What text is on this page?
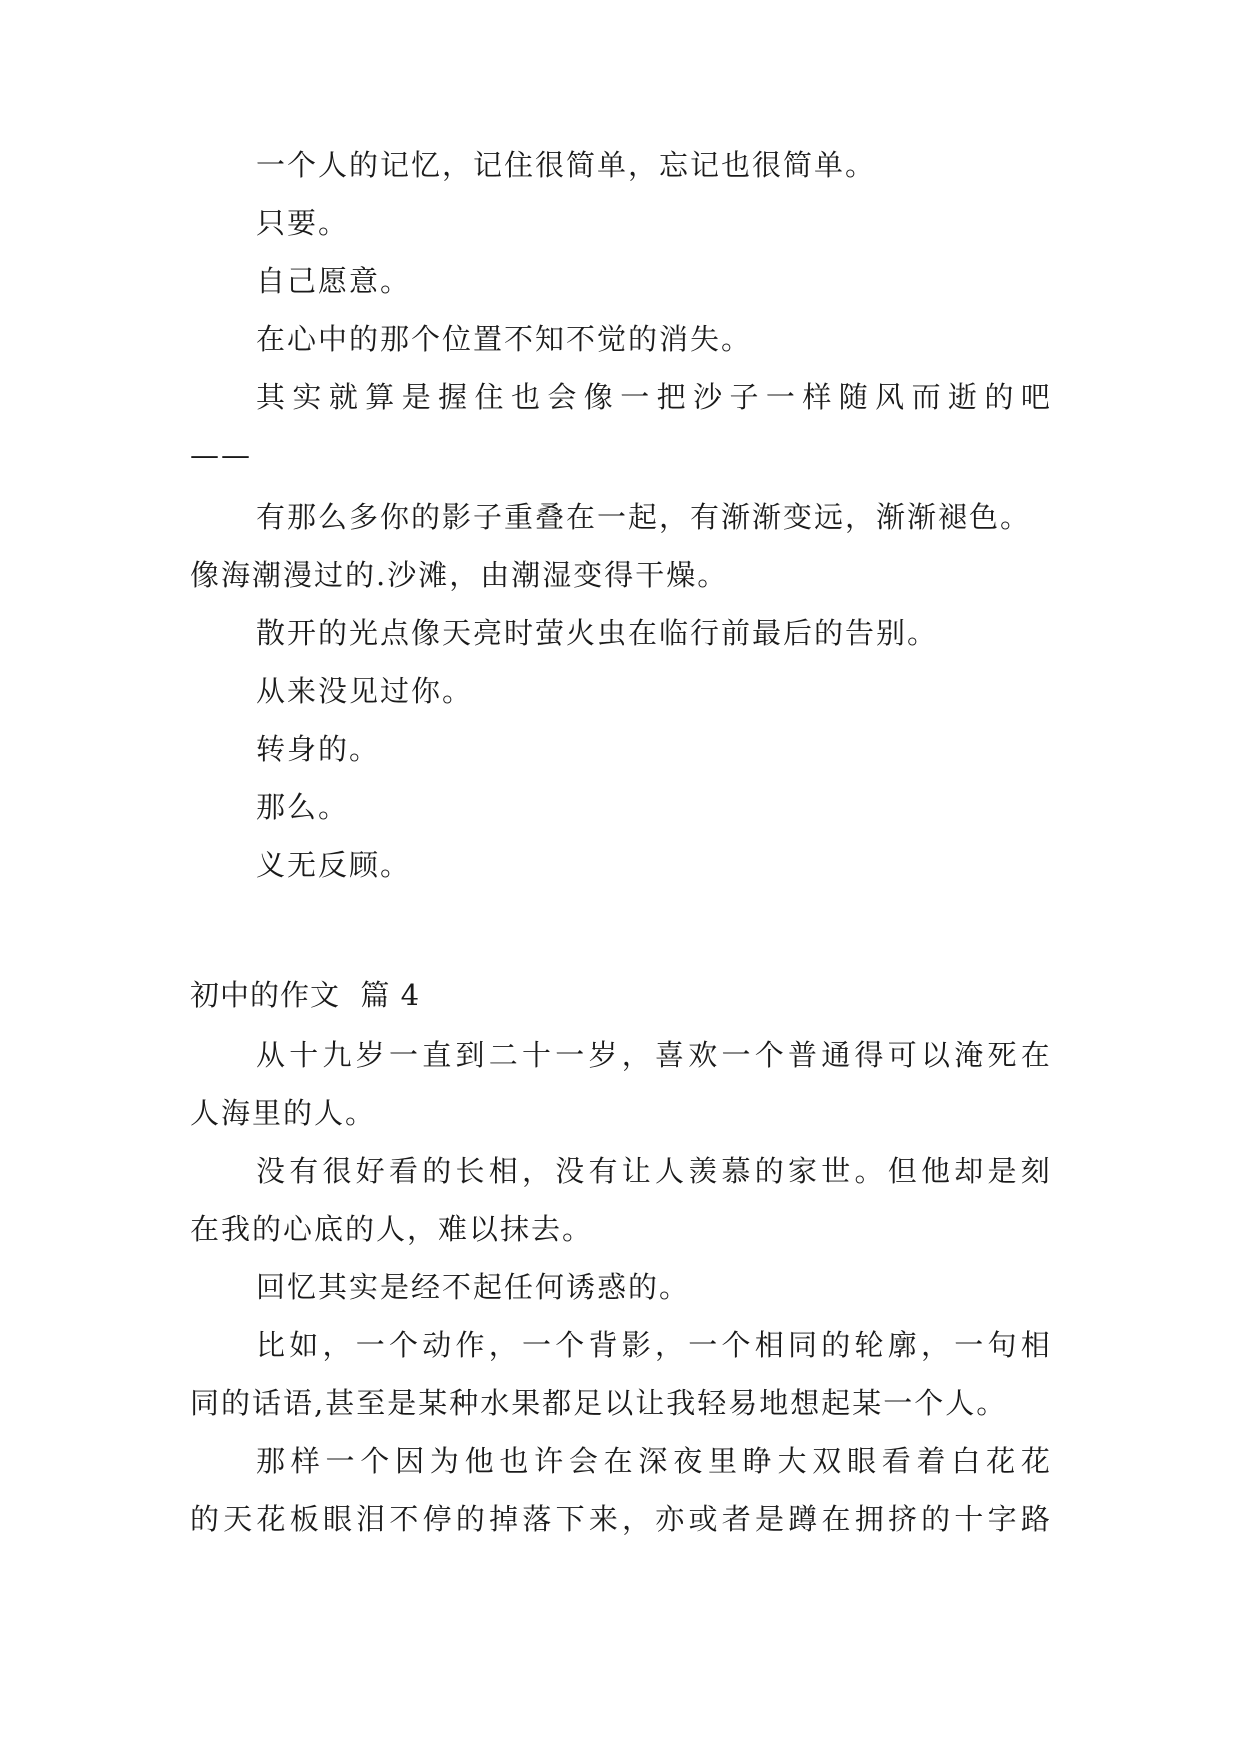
一个人的记忆，记住很简单，忘记也很简单。
只要。
自己愿意。
在心中的那个位置不知不觉的消失。
其 实 就 算 是 握 住 也 会 像 一 把 沙 子 一 样 随 风 而 逝 的 吧
——
有那么多你的影子重叠在一起，有渐渐变远，渐渐褪色。
像海潮漫过的.沙滩，由潮湿变得干燥。
散开的光点像天亮时萤火虫在临行前最后的告别。
从来没见过你。
转身的。
那么。
义无反顾。
初中的作文  篇 4
从 十 九 岁 一 直 到 二 十 一 岁 ， 喜 欢 一 个 普 通 得 可 以 淹 死 在
人海里的人。
没 有 很 好 看 的 长 相 ， 没 有 让 人 羡 慕 的 家 世 。 但 他 却 是 刻
在我的心底的人，难以抹去。
回忆其实是经不起任何诱惑的。
比 如 ， 一 个 动 作 ， 一 个 背 影 ， 一 个 相 同 的 轮 廓 ， 一 句 相
同的话语,甚至是某种水果都足以让我轻易地想起某一个人。
那 样 一 个 因 为 他 也 许 会 在 深 夜 里 睁 大 双 眼 看 着 白 花 花
的 天 花 板 眼 泪 不 停 的 掉 落 下 来 ， 亦 或 者 是 蹲 在 拥 挤 的 十 字 路
